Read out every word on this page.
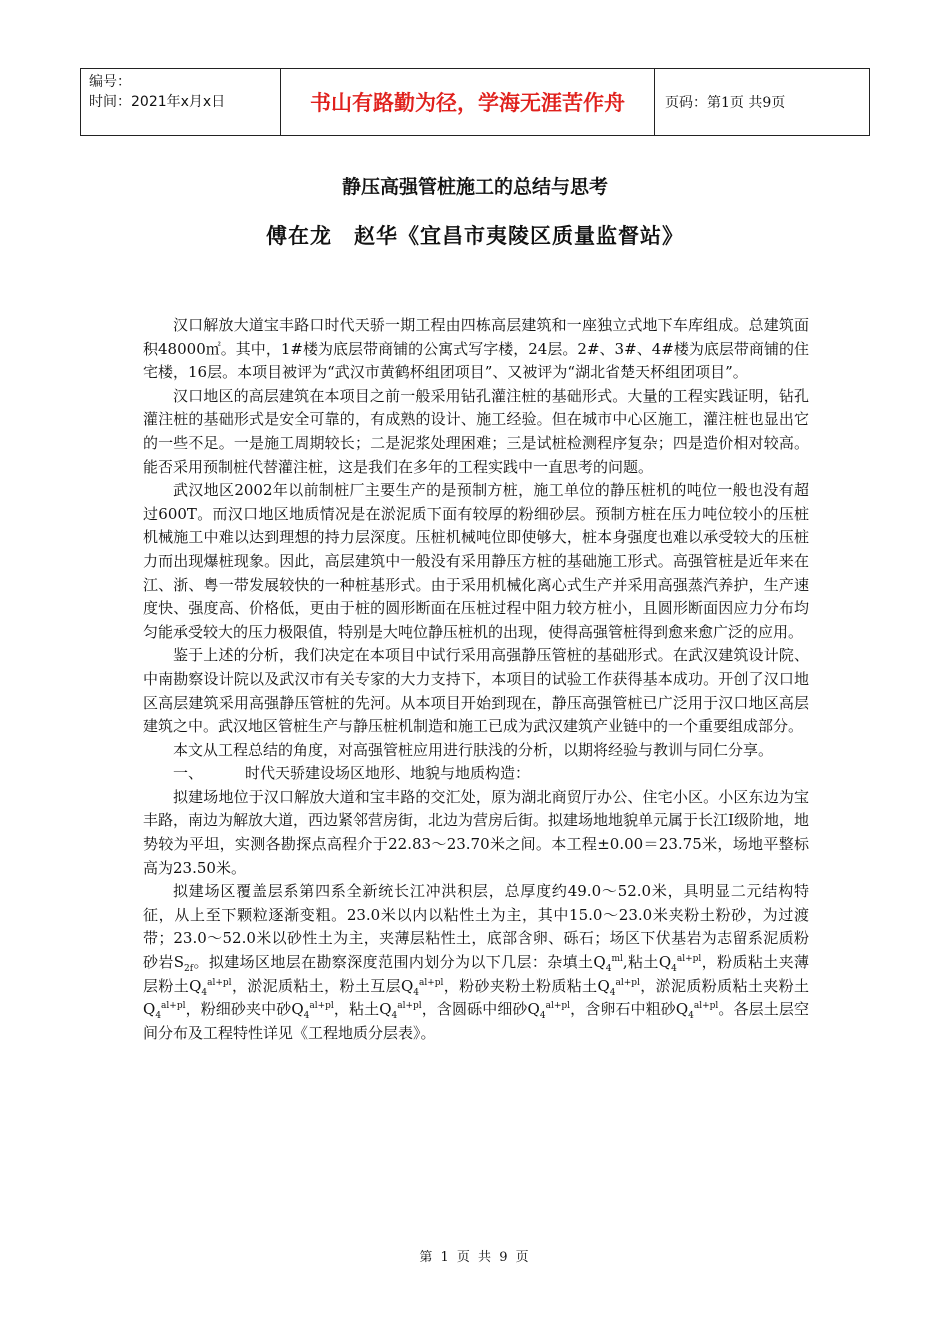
编号：
时间：2021年x月x日	书山有路勤为径，学海无涯苦作舟	页码：第1页 共9页
静压高强管桩施工的总结与思考
傅在龙　赵华《宜昌市夷陵区质量监督站》

汉口解放大道宝丰路口时代天骄一期工程由四栋高层建筑和一座独立式地下车库组成。总建筑面积48000㎡。其中，1#楼为底层带商铺的公寓式写字楼，24层。2#、3#、4#楼为底层带商铺的住宅楼，16层。本项目被评为“武汉市黄鹤杯组团项目”、又被评为“湖北省楚天杯组团项目”。

汉口地区的高层建筑在本项目之前一般采用钻孔灌注桩的基础形式。大量的工程实践证明，钻孔灌注桩的基础形式是安全可靠的，有成熟的设计、施工经验。但在城市中心区施工，灌注桩也显出它的一些不足。一是施工周期较长；二是泥浆处理困难；三是试桩检测程序复杂；四是造价相对较高。能否采用预制桩代替灌注桩，这是我们在多年的工程实践中一直思考的问题。

武汉地区2002年以前制桩厂主要生产的是预制方桩，施工单位的静压桩机的吨位一般也没有超过600T。而汉口地区地质情况是在淤泥质下面有较厚的粉细砂层。预制方桩在压力吨位较小的压桩机械施工中难以达到理想的持力层深度。压桩机械吨位即使够大，桩本身强度也难以承受较大的压桩力而出现爆桩现象。因此，高层建筑中一般没有采用静压方桩的基础施工形式。高强管桩是近年来在江、浙、粤一带发展较快的一种桩基形式。由于采用机械化离心式生产并采用高强蒸汽养护，生产速度快、强度高、价格低，更由于桩的圆形断面在压桩过程中阻力较方桩小，且圆形断面因应力分布均匀能承受较大的压力极限值，特别是大吨位静压桩机的出现，使得高强管桩得到愈来愈广泛的应用。

鉴于上述的分析，我们决定在本项目中试行采用高强静压管桩的基础形式。在武汉建筑设计院、中南勘察设计院以及武汉市有关专家的大力支持下，本项目的试验工作获得基本成功。开创了汉口地区高层建筑采用高强静压管桩的先河。从本项目开始到现在，静压高强管桩已广泛用于汉口地区高层建筑之中。武汉地区管桩生产与静压桩机制造和施工已成为武汉建筑产业链中的一个重要组成部分。

本文从工程总结的角度，对高强管桩应用进行肤浅的分析，以期将经验与教训与同仁分享。

一、	时代天骄建设场区地形、地貌与地质构造：

拟建场地位于汉口解放大道和宝丰路的交汇处，原为湖北商贸厅办公、住宅小区。小区东边为宝丰路，南边为解放大道，西边紧邻营房街，北边为营房后街。拟建场地地貌单元属于长江Ⅰ级阶地，地势较为平坦，实测各勘探点高程介于22.83～23.70米之间。本工程±0.00＝23.75米，场地平整标高为23.50米。

拟建场区覆盖层系第四系全新统长江冲洪积层，总厚度约49.0～52.0米，具明显二元结构特征，从上至下颗粒逐渐变粗。23.0米以内以粘性土为主，其中15.0～23.0米夹粉土粉砂，为过渡带；23.0～52.0米以砂性土为主，夹薄层粘性土，底部含卵、砾石；场区下伏基岩为志留系泥质粉砂岩$S_{2f}$。拟建场区地层在勘察深度范围内划分为以下几层：杂填土$Q_4^{ml}$,粘土$Q_4^{al+pl}$，粉质粘土夹薄层粉土$Q_4^{al+pl}$，淤泥质粘土，粉土互层$Q_4^{al+pl}$，粉砂夹粉土粉质粘土$Q_4^{al+pl}$，淤泥质粉质粘土夹粉土$Q_4^{al+pl}$，粉细砂夹中砂$Q_4^{al+pl}$，粘土$Q_4^{al+pl}$，含圆砾中细砂$Q_4^{al+pl}$，含卵石中粗砂$Q_4^{al+pl}$。各层土层空间分布及工程特性详见《工程地质分层表》。

第 1 页 共 9 页
